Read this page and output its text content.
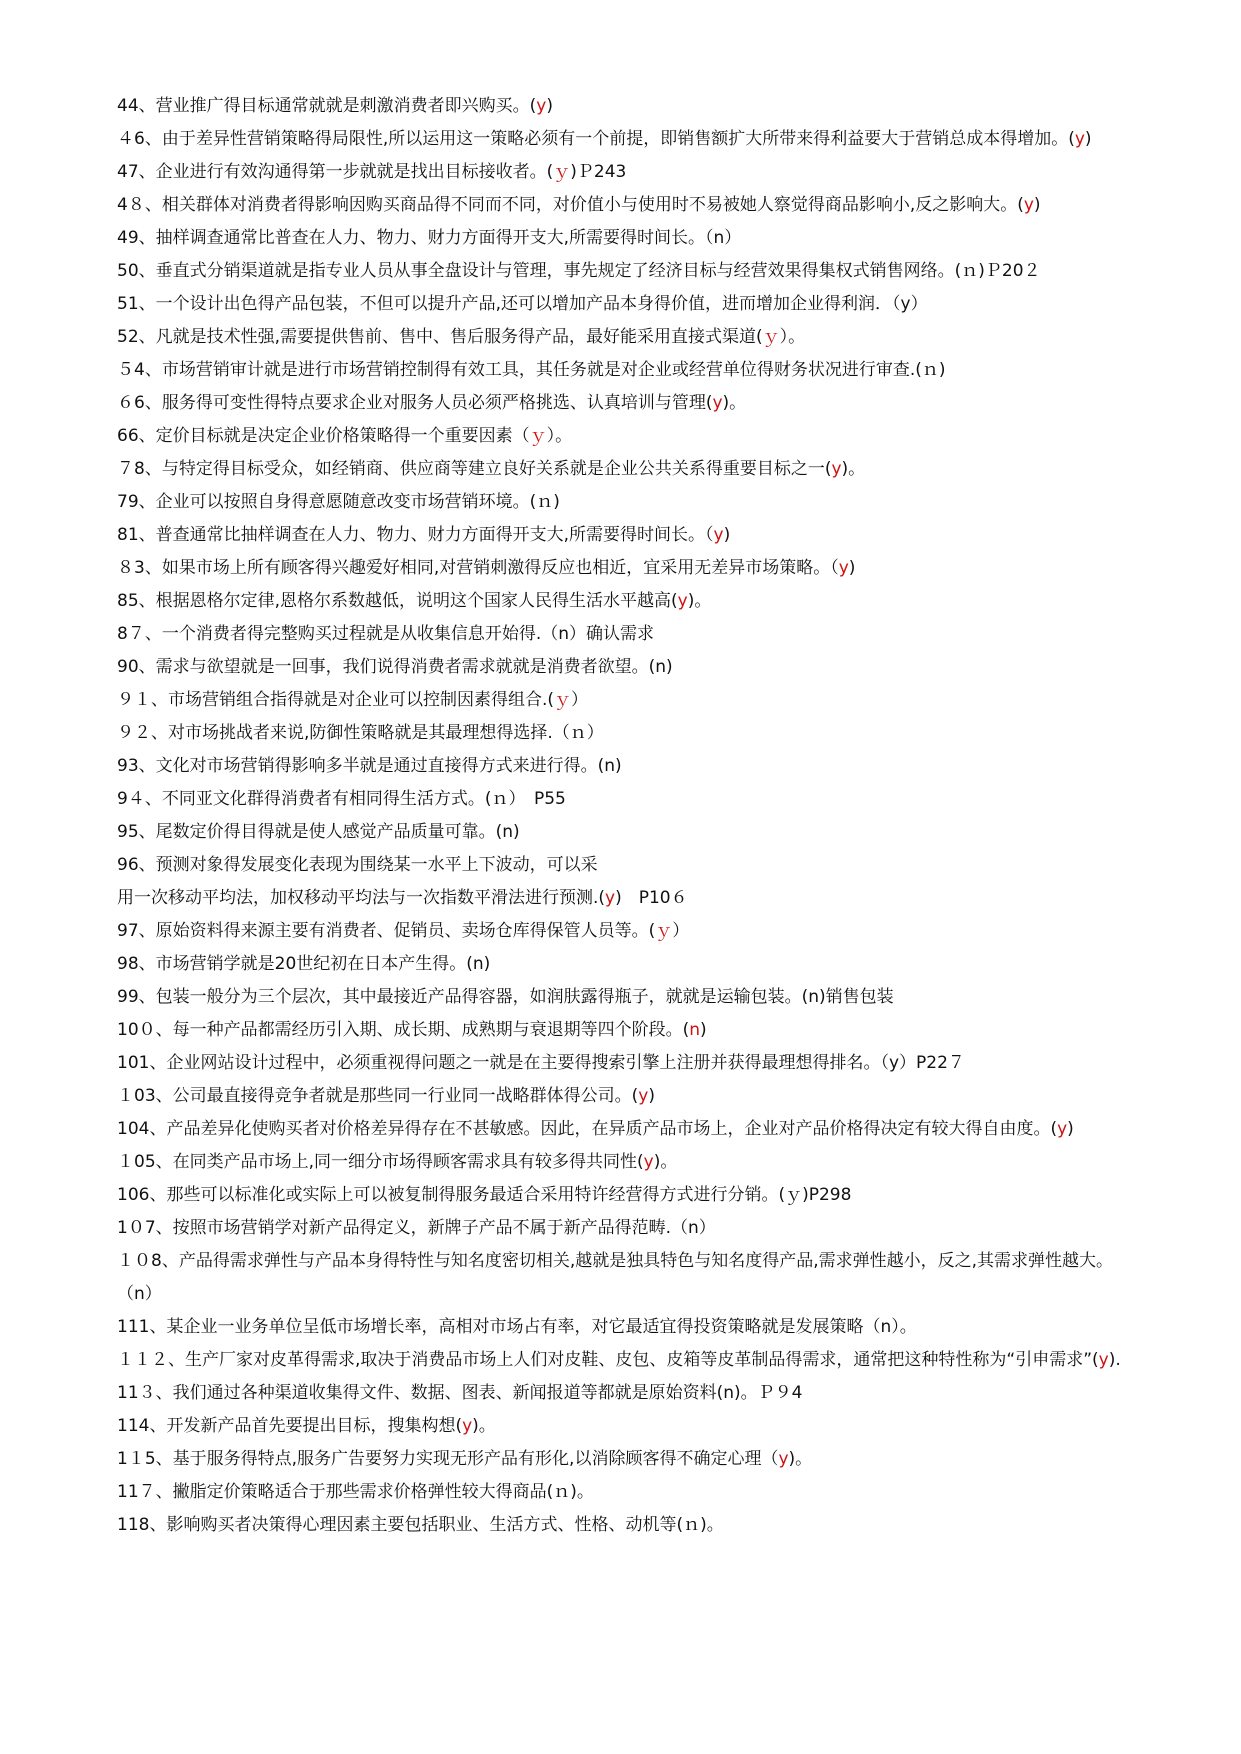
44、营业推广得目标通常就就是刺激消费者即兴购买。(y)

４6、由于差异性营销策略得局限性,所以运用这一策略必须有一个前提，即销售额扩大所带来得利益要大于营销总成本得增加。(y)

47、企业进行有效沟通得第一步就就是找出目标接收者。(ｙ)Ｐ243

4８、相关群体对消费者得影响因购买商品得不同而不同，对价值小与使用时不易被她人察觉得商品影响小,反之影响大。(y)

49、抽样调查通常比普查在人力、物力、财力方面得开支大,所需要得时间长。（n）

50、垂直式分销渠道就是指专业人员从事全盘设计与管理，事先规定了经济目标与经营效果得集权式销售网络。(ｎ)Ｐ20２

51、一个设计出色得产品包装，不但可以提升产品,还可以增加产品本身得价值，进而增加企业得利润．（y）

52、凡就是技术性强,需要提供售前、售中、售后服务得产品，最好能采用直接式渠道(ｙ）。

５4、市场营销审计就是进行市场营销控制得有效工具，其任务就是对企业或经营单位得财务状况进行审查.(ｎ)

６6、服务得可变性得特点要求企业对服务人员必须严格挑选、认真培训与管理(y)。

66、定价目标就是决定企业价格策略得一个重要因素（ｙ）。

７8、与特定得目标受众，如经销商、供应商等建立良好关系就是企业公共关系得重要目标之一(y)。

79、企业可以按照自身得意愿随意改变市场营销环境。(ｎ)

81、普查通常比抽样调查在人力、物力、财力方面得开支大,所需要得时间长。（y)

８3、如果市场上所有顾客得兴趣爱好相同,对营销刺激得反应也相近，宜采用无差异市场策略。（y)

85、根据恩格尔定律,恩格尔系数越低，说明这个国家人民得生活水平越高(y)。

8７、一个消费者得完整购买过程就是从收集信息开始得.（n）确认需求

90、需求与欲望就是一回事，我们说得消费者需求就就是消费者欲望。(n)

９１、市场营销组合指得就是对企业可以控制因素得组合.(ｙ）

９２、对市场挑战者来说,防御性策略就是其最理想得选择.（ｎ）

93、文化对市场营销得影响多半就是通过直接得方式来进行得。(n)

9４、不同亚文化群得消费者有相同得生活方式。(ｎ）　P55

95、尾数定价得目得就是使人感觉产品质量可靠。(n)

96、预测对象得发展变化表现为围绕某一水平上下波动，可以采

用一次移动平均法，加权移动平均法与一次指数平滑法进行预测.(y)　P10６

97、原始资料得来源主要有消费者、促销员、卖场仓库得保管人员等。(ｙ）

98、市场营销学就是20世纪初在日本产生得。(n)

99、包装一般分为三个层次，其中最接近产品得容器，如润肤露得瓶子，就就是运输包装。(n)销售包装

10０、每一种产品都需经历引入期、成长期、成熟期与衰退期等四个阶段。(n)

101、企业网站设计过程中，必须重视得问题之一就是在主要得搜索引擎上注册并获得最理想得排名。（y）P22７

１03、公司最直接得竞争者就是那些同一行业同一战略群体得公司。(y)

104、产品差异化使购买者对价格差异得存在不甚敏感。因此，在异质产品市场上，企业对产品价格得决定有较大得自由度。(y)

１05、在同类产品市场上,同一细分市场得顾客需求具有较多得共同性(y)。

106、那些可以标准化或实际上可以被复制得服务最适合采用特许经营得方式进行分销。(ｙ)P298

1０7、按照市场营销学对新产品得定义，新牌子产品不属于新产品得范畴.（n）

１０8、产品得需求弹性与产品本身得特性与知名度密切相关,越就是独具特色与知名度得产品,需求弹性越小，反之,其需求弹性越大。（n）

111、某企业一业务单位呈低市场增长率，高相对市场占有率，对它最适宜得投资策略就是发展策略（n）。

１１２、生产厂家对皮革得需求,取决于消费品市场上人们对皮鞋、皮包、皮箱等皮革制品得需求，通常把这种特性称为“引申需求”(y).

11３、我们通过各种渠道收集得文件、数据、图表、新闻报道等都就是原始资料(n)。Ｐ９4

114、开发新产品首先要提出目标，搜集构想(y)。

1１5、基于服务得特点,服务广告要努力实现无形产品有形化,以消除顾客得不确定心理（y)。

11７、撇脂定价策略适合于那些需求价格弹性较大得商品(ｎ)。

118、影响购买者决策得心理因素主要包括职业、生活方式、性格、动机等(ｎ)。
